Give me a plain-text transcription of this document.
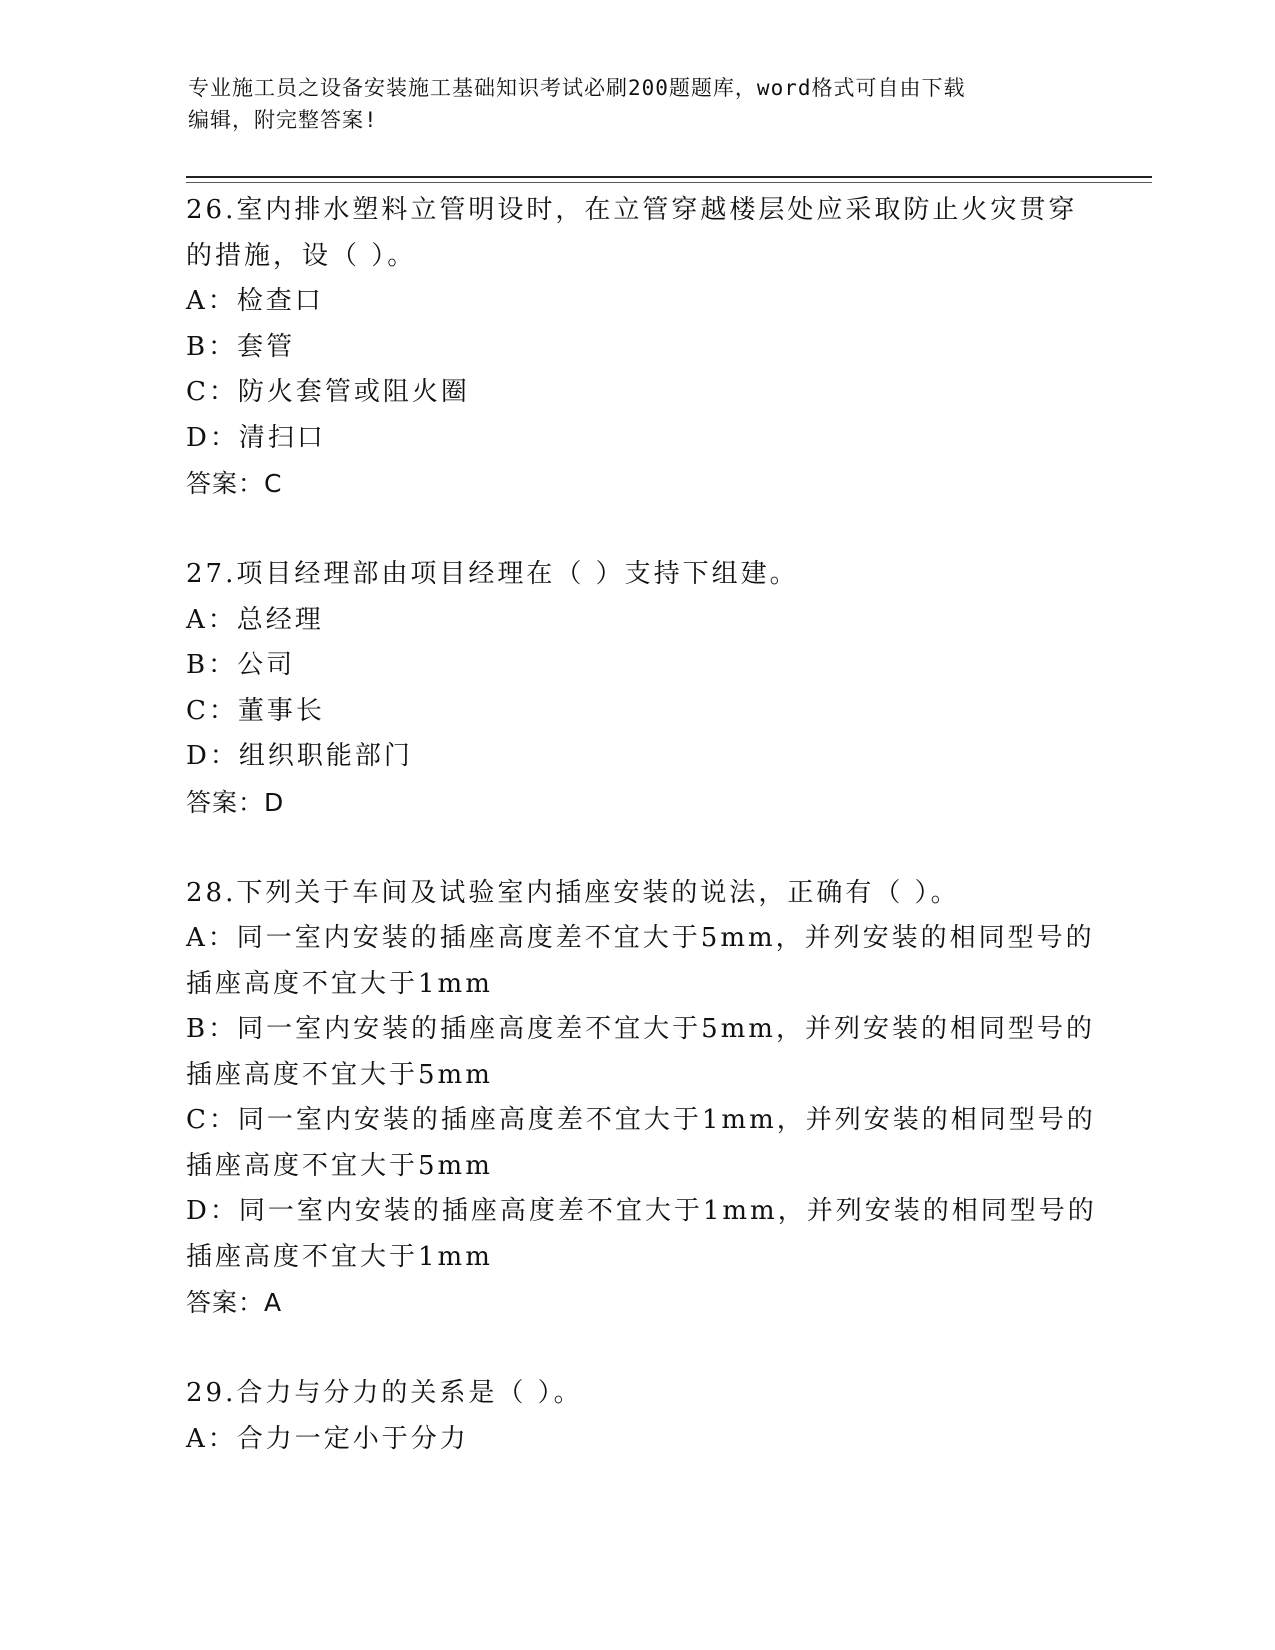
专业施工员之设备安装施工基础知识考试必刷200题题库，word格式可自由下载
编辑，附完整答案!
26.室内排水塑料立管明设时，在立管穿越楼层处应采取防止火灾贯穿
的措施，设（ ）。
A：检查口
B：套管
C：防火套管或阻火圈
D：清扫口
答案：C
27.项目经理部由项目经理在（ ）支持下组建。
A：总经理
B：公司
C：董事长
D：组织职能部门
答案：D
28.下列关于车间及试验室内插座安装的说法，正确有（ ）。
A：同一室内安装的插座高度差不宜大于5mm，并列安装的相同型号的
插座高度不宜大于1mm
B：同一室内安装的插座高度差不宜大于5mm，并列安装的相同型号的
插座高度不宜大于5mm
C：同一室内安装的插座高度差不宜大于1mm，并列安装的相同型号的
插座高度不宜大于5mm
D：同一室内安装的插座高度差不宜大于1mm，并列安装的相同型号的
插座高度不宜大于1mm
答案：A
29.合力与分力的关系是（ ）。
A：合力一定小于分力
